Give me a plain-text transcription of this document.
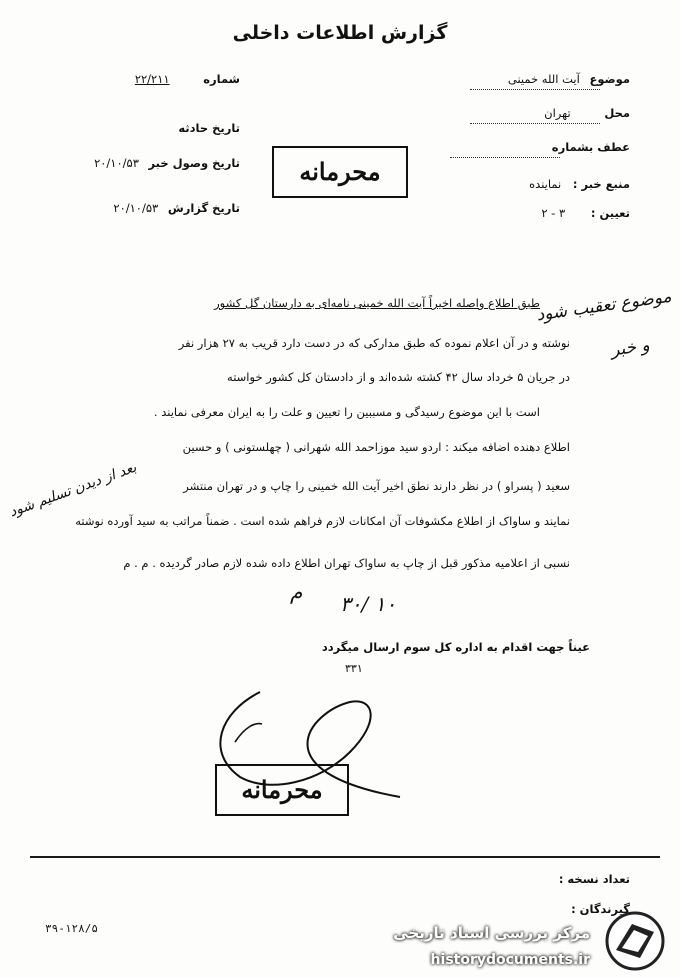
گزارش اطلاعات داخلی
موضوع آیت الله خمینی
محل تهران
عطف بشماره
منبع خبر : نماینده
تعیین : ۳ - ۲
شماره ۲۲/۲۱۱
تاریخ حادثه
تاریخ وصول خبر ۲۰/۱۰/۵۳
تاریخ گزارش ۲۰/۱۰/۵۳
محرمانه
طبق اطلاع واصله اخیراً آیت الله خمینی نامه‌ای به دارستان گل کشور
نوشته و در آن اعلام نموده که طبق مدارکی که در دست دارد قریب به ۲۷ هزار نفر
در جریان ۵ خرداد سال ۴۲ کشته شده‌اند و از دادستان کل کشور خواسته
است با این موضوع رسیدگی و مسببین را تعیین و علت را به ایران معرفی نمایند .
اطلاع دهنده اضافه میکند : اردو سید موزاحمد الله شهرانی ( چهلستونی ) و حسین
سعید ( پسراو ) در نظر دارند نطق اخیر آیت الله خمینی را چاپ و در تهران منتشر
نمایند و ساواک از اطلاع مکشوفات آن امکانات لازم فراهم شده است . ضمناً مراتب به سید آورده نوشته
نسبی از اعلامیه مذکور قبل از چاپ به ساواک تهران اطلاع داده شده لازم صادر گردیده . م . م
موضوع تعقیب شود
و خبر
بعد از دیدن تسلیم شود
م ۳۰/ ۱۰
عیناً جهت اقدام به اداره کل سوم ارسال میگردد
۳۳۱
محرمانه
تعداد نسخه :
گیرندگان :
۳۹-۱۲۸/۵	مرکز بررسی اسناد تاریخی
historydocuments.ir
